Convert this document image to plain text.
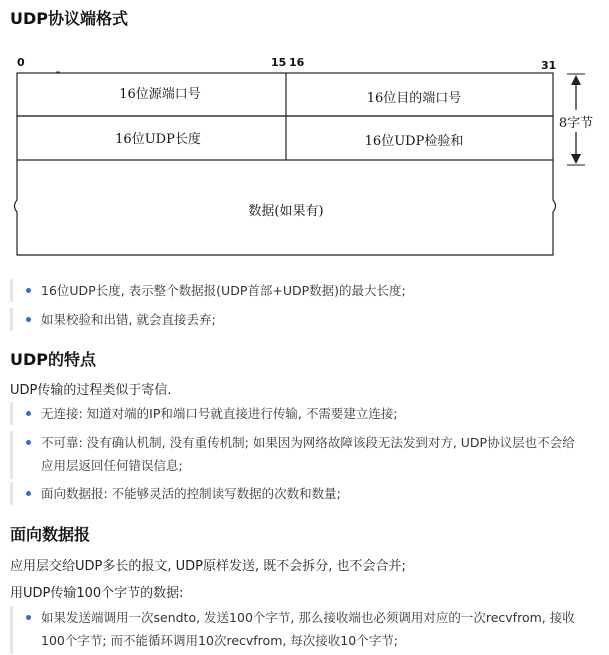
UDP协议端格式
0	15 16	31
16位源端口号	16位目的端口号
16位UDP长度	16位UDP检验和
数据(如果有)
8字节
16位UDP长度, 表示整个数据报(UDP首部+UDP数据)的最大长度;
如果校验和出错, 就会直接丢弃;
UDP的特点
UDP传输的过程类似于寄信.
无连接: 知道对端的IP和端口号就直接进行传输, 不需要建立连接;
不可靠: 没有确认机制, 没有重传机制; 如果因为网络故障该段无法发到对方, UDP协议层也不会给
应用层返回任何错误信息;
面向数据报: 不能够灵活的控制读写数据的次数和数量;
面向数据报
应用层交给UDP多长的报文, UDP原样发送, 既不会拆分, 也不会合并;
用UDP传输100个字节的数据:
如果发送端调用一次sendto, 发送100个字节, 那么接收端也必须调用对应的一次recvfrom, 接收
100个字节; 而不能循环调用10次recvfrom, 每次接收10个字节;
